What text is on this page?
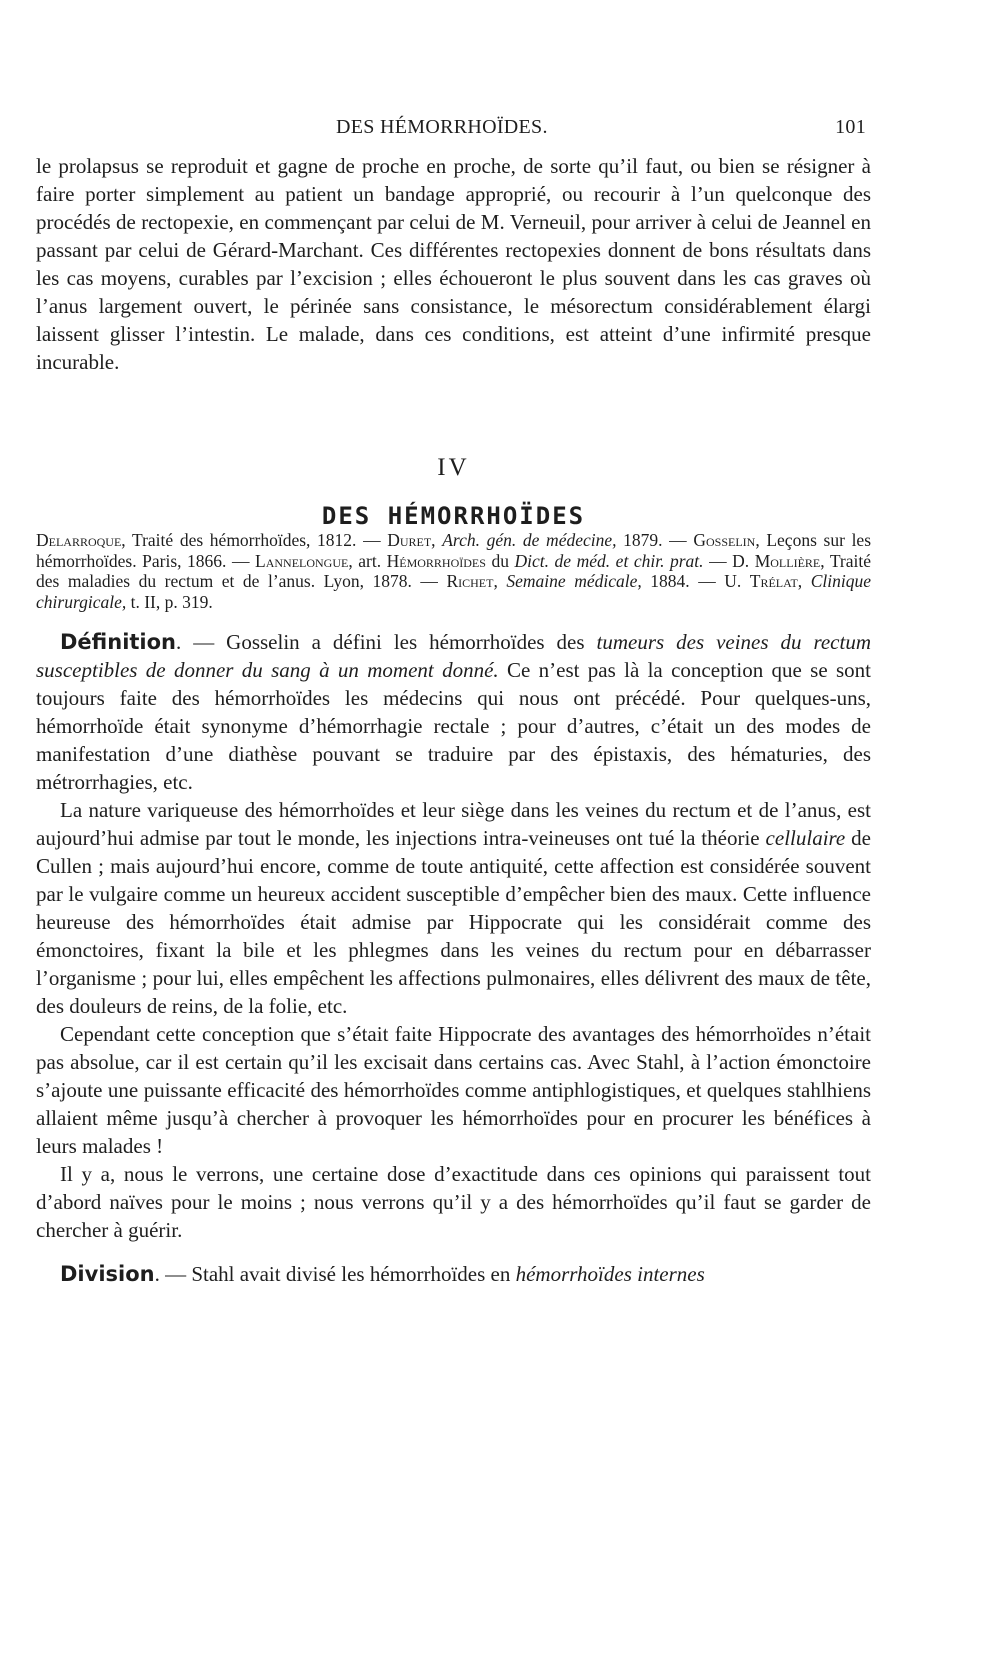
DES HÉMORRHOÏDES.	101

le prolapsus se reproduit et gagne de proche en proche, de sorte qu’il faut, ou bien se résigner à faire porter simplement au patient un bandage approprié, ou recourir à l’un quelconque des procédés de rectopexie, en commençant par celui de M. Verneuil, pour arriver à celui de Jeannel en passant par celui de Gérard-Marchant. Ces différentes rectopexies donnent de bons résultats dans les cas moyens, curables par l’excision ; elles échoueront le plus souvent dans les cas graves où l’anus largement ouvert, le périnée sans consistance, le mésorectum considérablement élargi laissent glisser l’intestin. Le malade, dans ces conditions, est atteint d’une infirmité presque incurable.

IV
DES HÉMORRHOÏDES

Delarroque, Traité des hémorrhoïdes, 1812. — Duret, Arch. gén. de médecine, 1879. — Gosselin, Leçons sur les hémorrhoïdes. Paris, 1866. — Lannelongue, art. Hémorrhoïdes du Dict. de méd. et chir. prat. — D. Mollière, Traité des maladies du rectum et de l’anus. Lyon, 1878. — Richet, Semaine médicale, 1884. — U. Trélat, Clinique chirurgicale, t. II, p. 319.

Définition. — Gosselin a défini les hémorrhoïdes des tumeurs des veines du rectum susceptibles de donner du sang à un moment donné. Ce n’est pas là la conception que se sont toujours faite des hémorrhoïdes les médecins qui nous ont précédé. Pour quelques-uns, hémorrhoïde était synonyme d’hémorrhagie rectale ; pour d’autres, c’était un des modes de manifestation d’une diathèse pouvant se traduire par des épistaxis, des hématuries, des métrorrhagies, etc.

La nature variqueuse des hémorrhoïdes et leur siège dans les veines du rectum et de l’anus, est aujourd’hui admise par tout le monde, les injections intra-veineuses ont tué la théorie cellulaire de Cullen ; mais aujourd’hui encore, comme de toute antiquité, cette affection est considérée souvent par le vulgaire comme un heureux accident susceptible d’empêcher bien des maux. Cette influence heureuse des hémorrhoïdes était admise par Hippocrate qui les considérait comme des émonctoires, fixant la bile et les phlegmes dans les veines du rectum pour en débarrasser l’organisme ; pour lui, elles empêchent les affections pulmonaires, elles délivrent des maux de tête, des douleurs de reins, de la folie, etc.

Cependant cette conception que s’était faite Hippocrate des avantages des hémorrhoïdes n’était pas absolue, car il est certain qu’il les excisait dans certains cas. Avec Stahl, à l’action émonctoire s’ajoute une puissante efficacité des hémorrhoïdes comme antiphlogistiques, et quelques stahlhiens allaient même jusqu’à chercher à provoquer les hémorrhoïdes pour en procurer les bénéfices à leurs malades !

Il y a, nous le verrons, une certaine dose d’exactitude dans ces opinions qui paraissent tout d’abord naïves pour le moins ; nous verrons qu’il y a des hémorrhoïdes qu’il faut se garder de chercher à guérir.

Division. — Stahl avait divisé les hémorrhoïdes en hémorrhoïdes internes
